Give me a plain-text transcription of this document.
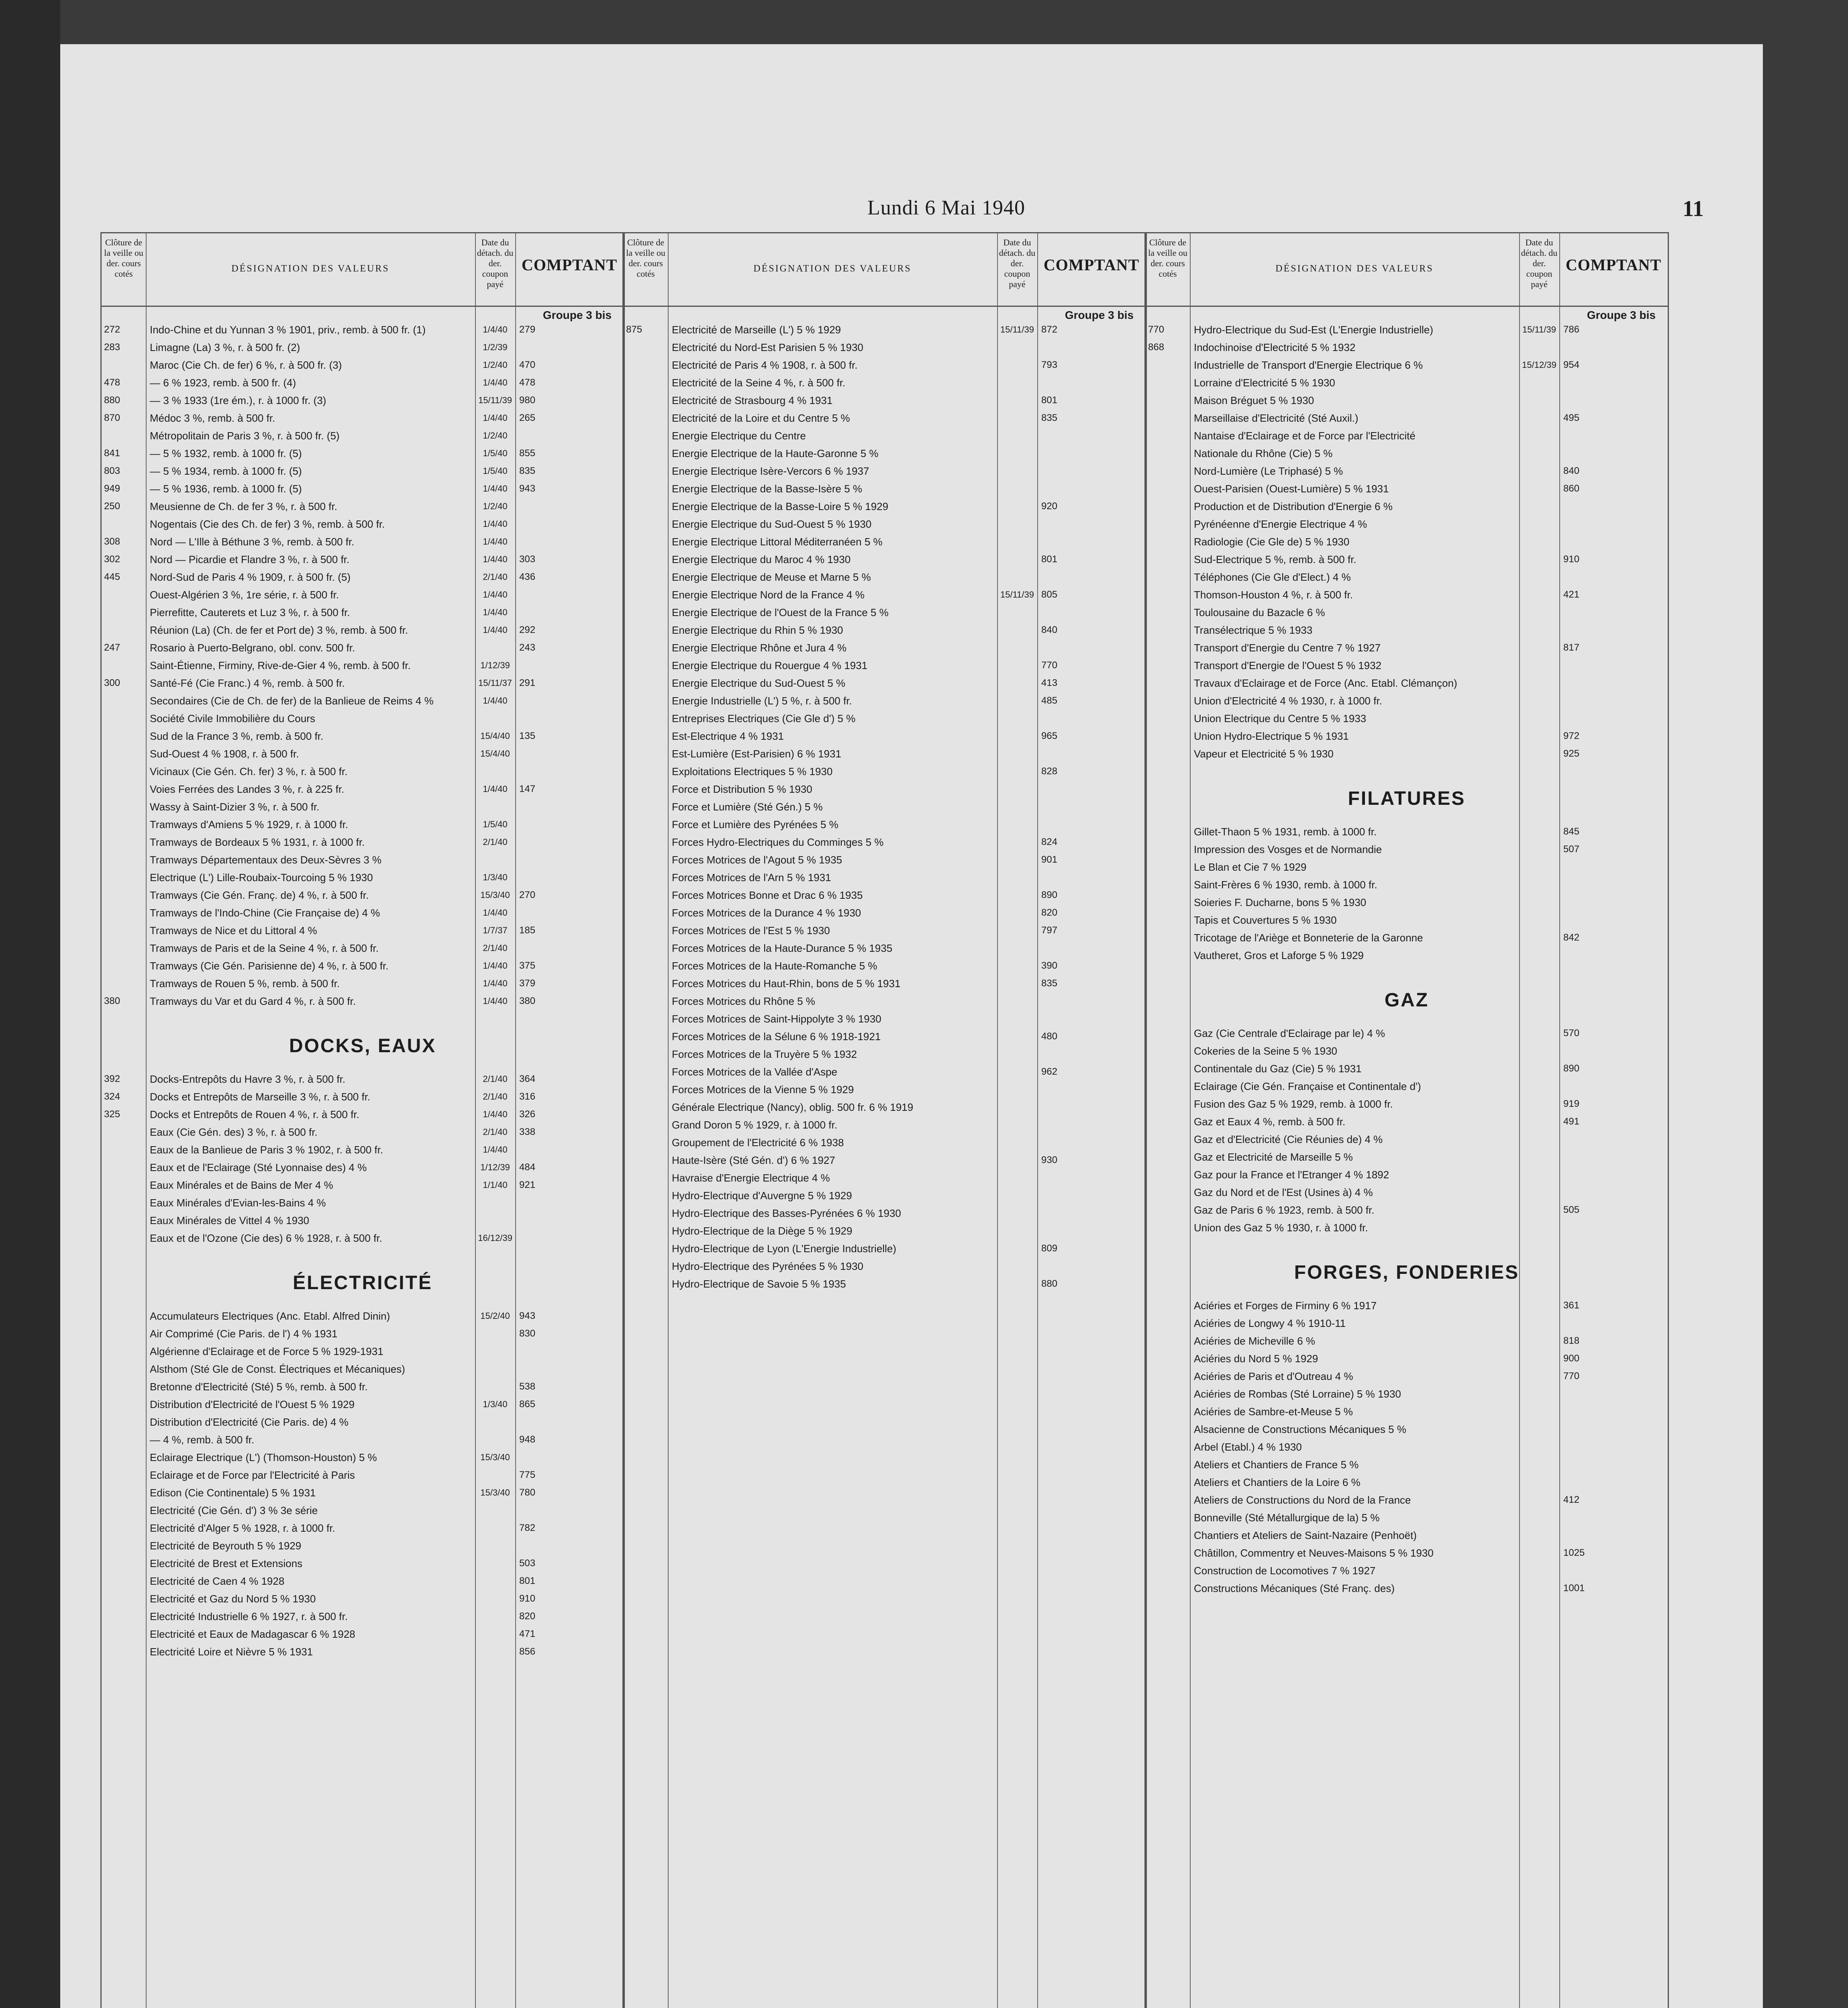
Lundi 6 Mai 1940	11
Clôture de la veille ou der. cours cotés	DÉSIGNATION DES VALEURS
Date du détach. du der. coupon payé
COMPTANT
Groupe 3 bis
272	Indo-Chine et du Yunnan 3 % 1901, priv., remb. à 500 fr. (1)	1/4/40	279
283	Limagne (La) 3 %, r. à 500 fr. (2)	1/2/39
Maroc (Cie Ch. de fer) 6 %, r. à 500 fr. (3)	1/2/40	470
478	— 6 % 1923, remb. à 500 fr. (4)	1/4/40	478
880	— 3 % 1933 (1re ém.), r. à 1000 fr. (3)	15/11/39 980
870	Médoc 3 %, remb. à 500 fr.	1/4/40	265
Métropolitain de Paris 3 %, r. à 500 fr. (5)	1/2/40
841	— 5 % 1932, remb. à 1000 fr. (5)	1/5/40	855
803	— 5 % 1934, remb. à 1000 fr. (5)	1/5/40	835
949	— 5 % 1936, remb. à 1000 fr. (5)	1/4/40	943
250	Meusienne de Ch. de fer 3 %, r. à 500 fr.	1/2/40
Nogentais (Cie des Ch. de fer) 3 %, remb. à 500 fr.	1/4/40
308	Nord — L'Ille à Béthune 3 %, remb. à 500 fr.	1/4/40
302	Nord — Picardie et Flandre 3 %, r. à 500 fr.	1/4/40	303
445	Nord-Sud de Paris 4 % 1909, r. à 500 fr. (5)	2/1/40	436
Ouest-Algérien 3 %, 1re série, r. à 500 fr.	1/4/40
Pierrefitte, Cauterets et Luz 3 %, r. à 500 fr.	1/4/40
Réunion (La) (Ch. de fer et Port de) 3 %, remb. à 500 fr.	1/4/40	292
247	Rosario à Puerto-Belgrano, obl. conv. 500 fr.	243
Saint-Étienne, Firminy, Rive-de-Gier 4 %, remb. à 500 fr.	1/12/39
300	Santé-Fé (Cie Franc.) 4 %, remb. à 500 fr.	15/11/37 291
Secondaires (Cie de Ch. de fer) de la Banlieue de Reims 4 %	1/4/40
Société Civile Immobilière du Cours
Sud de la France 3 %, remb. à 500 fr.	15/4/40 135
Sud-Ouest 4 % 1908, r. à 500 fr.	15/4/40
Vicinaux (Cie Gén. Ch. fer) 3 %, r. à 500 fr.
Voies Ferrées des Landes 3 %, r. à 225 fr.	1/4/40	147
Wassy à Saint-Dizier 3 %, r. à 500 fr.
Tramways d'Amiens 5 % 1929, r. à 1000 fr.	1/5/40
Tramways de Bordeaux 5 % 1931, r. à 1000 fr.	2/1/40
Tramways Départementaux des Deux-Sèvres 3 %
Electrique (L') Lille-Roubaix-Tourcoing 5 % 1930	1/3/40
Tramways (Cie Gén. Franç. de) 4 %, r. à 500 fr.	15/3/40 270
Tramways de l'Indo-Chine (Cie Française de) 4 %	1/4/40
Tramways de Nice et du Littoral 4 %	1/7/37	185
Tramways de Paris et de la Seine 4 %, r. à 500 fr.	2/1/40
Tramways (Cie Gén. Parisienne de) 4 %, r. à 500 fr.	1/4/40	375
Tramways de Rouen 5 %, remb. à 500 fr.	1/4/40	379
380	Tramways du Var et du Gard 4 %, r. à 500 fr.	1/4/40	380
DOCKS, EAUX
392	Docks-Entrepôts du Havre 3 %, r. à 500 fr.	2/1/40	364
324	Docks et Entrepôts de Marseille 3 %, r. à 500 fr.	2/1/40	316
325	Docks et Entrepôts de Rouen 4 %, r. à 500 fr.	1/4/40	326
Eaux (Cie Gén. des) 3 %, r. à 500 fr.	2/1/40	338
Eaux de la Banlieue de Paris 3 % 1902, r. à 500 fr.	1/4/40
Eaux et de l'Eclairage (Sté Lyonnaise des) 4 %	1/12/39 484
Eaux Minérales et de Bains de Mer 4 %	1/1/40	921
Eaux Minérales d'Evian-les-Bains 4 %
Eaux Minérales de Vittel 4 % 1930
Eaux et de l'Ozone (Cie des) 6 % 1928, r. à 500 fr.	16/12/39
ÉLECTRICITÉ
Accumulateurs Electriques (Anc. Etabl. Alfred Dinin)	15/2/40 943
Air Comprimé (Cie Paris. de l') 4 % 1931	830
Algérienne d'Eclairage et de Force 5 % 1929-1931
Alsthom (Sté Gle de Const. Électriques et Mécaniques)
Bretonne d'Electricité (Sté) 5 %, remb. à 500 fr.	538
Distribution d'Electricité de l'Ouest 5 % 1929	1/3/40	865
Distribution d'Electricité (Cie Paris. de) 4 %
— 4 %, remb. à 500 fr.	948
Eclairage Electrique (L') (Thomson-Houston) 5 %	15/3/40
Eclairage et de Force par l'Electricité à Paris	775
Edison (Cie Continentale) 5 % 1931	15/3/40 780
Electricité (Cie Gén. d') 3 % 3e série
Electricité d'Alger 5 % 1928, r. à 1000 fr.	782
Electricité de Beyrouth 5 % 1929
Electricité de Brest et Extensions	503
Electricité de Caen 4 % 1928	801
Electricité et Gaz du Nord 5 % 1930	910
Electricité Industrielle 6 % 1927, r. à 500 fr.	820
Electricité et Eaux de Madagascar 6 % 1928	471
Electricité Loire et Nièvre 5 % 1931	856
Clôture de la veille ou der. cours cotés	DÉSIGNATION DES VALEURS
Date du détach. du der. coupon payé
COMPTANT
Groupe 3 bis
875	Electricité de Marseille (L') 5 % 1929	15/11/39 872
Electricité du Nord-Est Parisien 5 % 1930
Electricité de Paris 4 % 1908, r. à 500 fr.	793
Electricité de la Seine 4 %, r. à 500 fr.
Electricité de Strasbourg 4 % 1931	801
Electricité de la Loire et du Centre 5 %	835
Energie Electrique du Centre
Energie Electrique de la Haute-Garonne 5 %
Energie Electrique Isère-Vercors 6 % 1937
Energie Electrique de la Basse-Isère 5 %
Energie Electrique de la Basse-Loire 5 % 1929	920
Energie Electrique du Sud-Ouest 5 % 1930
Energie Electrique Littoral Méditerranéen 5 %
Energie Electrique du Maroc 4 % 1930	801
Energie Electrique de Meuse et Marne 5 %
Energie Electrique Nord de la France 4 %	15/11/39 805
Energie Electrique de l'Ouest de la France 5 %
Energie Electrique du Rhin 5 % 1930	840
Energie Electrique Rhône et Jura 4 %
Energie Electrique du Rouergue 4 % 1931	770
Energie Electrique du Sud-Ouest 5 %	413
Energie Industrielle (L') 5 %, r. à 500 fr.	485
Entreprises Electriques (Cie Gle d') 5 %
Est-Electrique 4 % 1931	965
Est-Lumière (Est-Parisien) 6 % 1931
Exploitations Electriques 5 % 1930	828
Force et Distribution 5 % 1930
Force et Lumière (Sté Gén.) 5 %
Force et Lumière des Pyrénées 5 %
Forces Hydro-Electriques du Comminges 5 %	824
Forces Motrices de l'Agout 5 % 1935	901
Forces Motrices de l'Arn 5 % 1931
Forces Motrices Bonne et Drac 6 % 1935	890
Forces Motrices de la Durance 4 % 1930	820
Forces Motrices de l'Est 5 % 1930	797
Forces Motrices de la Haute-Durance 5 % 1935
Forces Motrices de la Haute-Romanche 5 %	390
Forces Motrices du Haut-Rhin, bons de 5 % 1931	835
Forces Motrices du Rhône 5 %
Forces Motrices de Saint-Hippolyte 3 % 1930
Forces Motrices de la Sélune 6 % 1918-1921	480
Forces Motrices de la Truyère 5 % 1932
Forces Motrices de la Vallée d'Aspe	962
Forces Motrices de la Vienne 5 % 1929
Générale Electrique (Nancy), oblig. 500 fr. 6 % 1919
Grand Doron 5 % 1929, r. à 1000 fr.
Groupement de l'Electricité 6 % 1938
Haute-Isère (Sté Gén. d') 6 % 1927	930
Havraise d'Energie Electrique 4 %
Hydro-Electrique d'Auvergne 5 % 1929
Hydro-Electrique des Basses-Pyrénées 6 % 1930
Hydro-Electrique de la Diège 5 % 1929
Hydro-Electrique de Lyon (L'Energie Industrielle)	809
Hydro-Electrique des Pyrénées 5 % 1930
Hydro-Electrique de Savoie 5 % 1935	880
Clôture de la veille ou der. cours cotés	DÉSIGNATION DES VALEURS
Date du détach. du der. coupon payé
COMPTANT
Groupe 3 bis
770	Hydro-Electrique du Sud-Est (L'Energie Industrielle)	15/11/39 786
868	Indochinoise d'Electricité 5 % 1932
Industrielle de Transport d'Energie Electrique 6 %	15/12/39 954
Lorraine d'Electricité 5 % 1930
Maison Bréguet 5 % 1930
Marseillaise d'Electricité (Sté Auxil.)	495
Nantaise d'Eclairage et de Force par l'Electricité
Nationale du Rhône (Cie) 5 %
Nord-Lumière (Le Triphasé) 5 %	840
Ouest-Parisien (Ouest-Lumière) 5 % 1931	860
Production et de Distribution d'Energie 6 %
Pyrénéenne d'Energie Electrique 4 %
Radiologie (Cie Gle de) 5 % 1930
Sud-Electrique 5 %, remb. à 500 fr.	910
Téléphones (Cie Gle d'Elect.) 4 %
Thomson-Houston 4 %, r. à 500 fr.	421
Toulousaine du Bazacle 6 %
Transélectrique 5 % 1933
Transport d'Energie du Centre 7 % 1927	817
Transport d'Energie de l'Ouest 5 % 1932
Travaux d'Eclairage et de Force (Anc. Etabl. Clémançon)
Union d'Electricité 4 % 1930, r. à 1000 fr.
Union Electrique du Centre 5 % 1933
Union Hydro-Electrique 5 % 1931	972
Vapeur et Electricité 5 % 1930	925
FILATURES
Gillet-Thaon 5 % 1931, remb. à 1000 fr.	845
Impression des Vosges et de Normandie	507
Le Blan et Cie 7 % 1929
Saint-Frères 6 % 1930, remb. à 1000 fr.
Soieries F. Ducharne, bons 5 % 1930
Tapis et Couvertures 5 % 1930
Tricotage de l'Ariège et Bonneterie de la Garonne	842
Vautheret, Gros et Laforge 5 % 1929
GAZ
Gaz (Cie Centrale d'Eclairage par le) 4 %	570
Cokeries de la Seine 5 % 1930
Continentale du Gaz (Cie) 5 % 1931	890
Eclairage (Cie Gén. Française et Continentale d')
Fusion des Gaz 5 % 1929, remb. à 1000 fr.	919
Gaz et Eaux 4 %, remb. à 500 fr.	491
Gaz et d'Electricité (Cie Réunies de) 4 %
Gaz et Electricité de Marseille 5 %
Gaz pour la France et l'Etranger 4 % 1892
Gaz du Nord et de l'Est (Usines à) 4 %
Gaz de Paris 6 % 1923, remb. à 500 fr.	505
Union des Gaz 5 % 1930, r. à 1000 fr.
FORGES, FONDERIES
Aciéries et Forges de Firminy 6 % 1917	361
Aciéries de Longwy 4 % 1910-11
Aciéries de Micheville 6 %	818
Aciéries du Nord 5 % 1929	900
Aciéries de Paris et d'Outreau 4 %	770
Aciéries de Rombas (Sté Lorraine) 5 % 1930
Aciéries de Sambre-et-Meuse 5 %
Alsacienne de Constructions Mécaniques 5 %
Arbel (Etabl.) 4 % 1930
Ateliers et Chantiers de France 5 %
Ateliers et Chantiers de la Loire 6 %
Ateliers de Constructions du Nord de la France	412
Bonneville (Sté Métallurgique de la) 5 %
Chantiers et Ateliers de Saint-Nazaire (Penhoët)
Châtillon, Commentry et Neuves-Maisons 5 % 1930	1025
Construction de Locomotives 7 % 1927
Constructions Mécaniques (Sté Franç. des)	1001
